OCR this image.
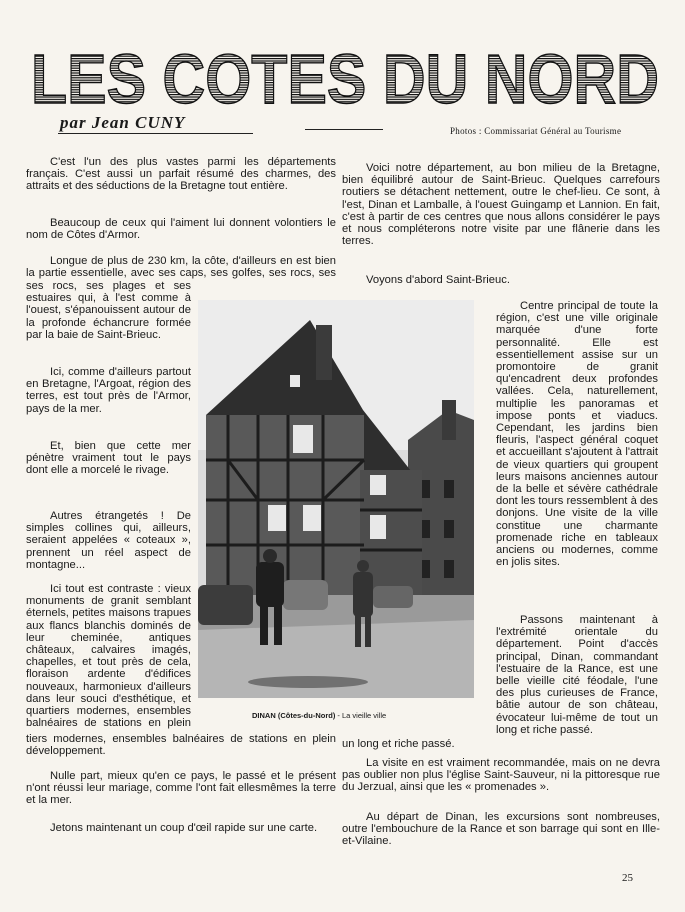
LES COTES DU NORD

par Jean CUNY	Photos : Commissariat Général au Tourisme

C'est l'un des plus vastes parmi les départements français. C'est aussi un parfait résumé des charmes, des attraits et des séductions de la Bretagne tout entière.

Beaucoup de ceux qui l'aiment lui donnent volontiers le nom de Côtes d'Armor.

Longue de plus de 230 km, la côte, d'ailleurs en est bien la partie essentielle, avec ses caps, ses golfes, ses rocs, ses

ses rocs, ses plages et ses estuaires qui, à l'est comme à l'ouest, s'épanouissent autour de la profonde échancrure formée par la baie de Saint-Brieuc.

Ici, comme d'ailleurs partout en Bretagne, l'Argoat, région des terres, est tout près de l'Armor, pays de la mer.

Et, bien que cette mer pénètre vraiment tout le pays dont elle a morcelé le rivage.

Autres étrangetés ! De simples collines qui, ailleurs, seraient appelées « coteaux », prennent un réel aspect de montagne...

Ici tout est contraste : vieux monuments de granit semblant éternels, petites maisons trapues aux flancs blanchis dominés de leur cheminée, antiques châteaux, calvaires imagés, chapelles, et tout près de cela, floraison ardente d'édifices nouveaux, harmonieux d'ailleurs dans leur souci d'esthétique, et quartiers modernes, ensembles balnéaires de stations en plein

tiers modernes, ensembles balnéaires de stations en plein développement.

Nulle part, mieux qu'en ce pays, le passé et le présent n'ont réussi leur mariage, comme l'ont fait ellesmêmes la terre et la mer.

Jetons maintenant un coup d'œil rapide sur une carte.

Voici notre département, au bon milieu de la Bretagne, bien équilibré autour de Saint-Brieuc. Quelques carrefours routiers se détachent nettement, outre le chef-lieu. Ce sont, à l'est, Dinan et Lamballe, à l'ouest Guingamp et Lannion. En fait, c'est à partir de ces centres que nous allons considérer le pays et nous compléterons notre visite par une flânerie dans les terres.

Voyons d'abord Saint-Brieuc.

Centre principal de toute la région, c'est une ville originale marquée d'une forte personnalité. Elle est essentiellement assise sur un promontoire de granit qu'encadrent deux profondes vallées. Cela, naturellement, multiplie les panoramas et impose ponts et viaducs. Cependant, les jardins bien fleuris, l'aspect général coquet et accueillant s'ajoutent à l'attrait de vieux quartiers qui groupent leurs maisons anciennes autour de la belle et sévère cathédrale dont les tours ressemblent à des donjons. Une visite de la ville constitue une charmante promenade riche en tableaux anciens ou modernes, comme en jolis sites.

Passons maintenant à l'extrémité orientale du département. Point d'accès principal, Dinan, commandant l'estuaire de la Rance, est une belle vieille cité féodale, l'une des plus curieuses de France, bâtie autour de son château, évocateur lui-même de tout un long et riche passé.

un long et riche passé.

La visite en est vraiment recommandée, mais on ne devra pas oublier non plus l'église Saint-Sauveur, ni la pittoresque rue du Jerzual, ainsi que les « promenades ».

Au départ de Dinan, les excursions sont nombreuses, outre l'embouchure de la Rance et son barrage qui sont en Ille-et-Vilaine.

DINAN (Côtes-du-Nord) - La vieille ville

25
